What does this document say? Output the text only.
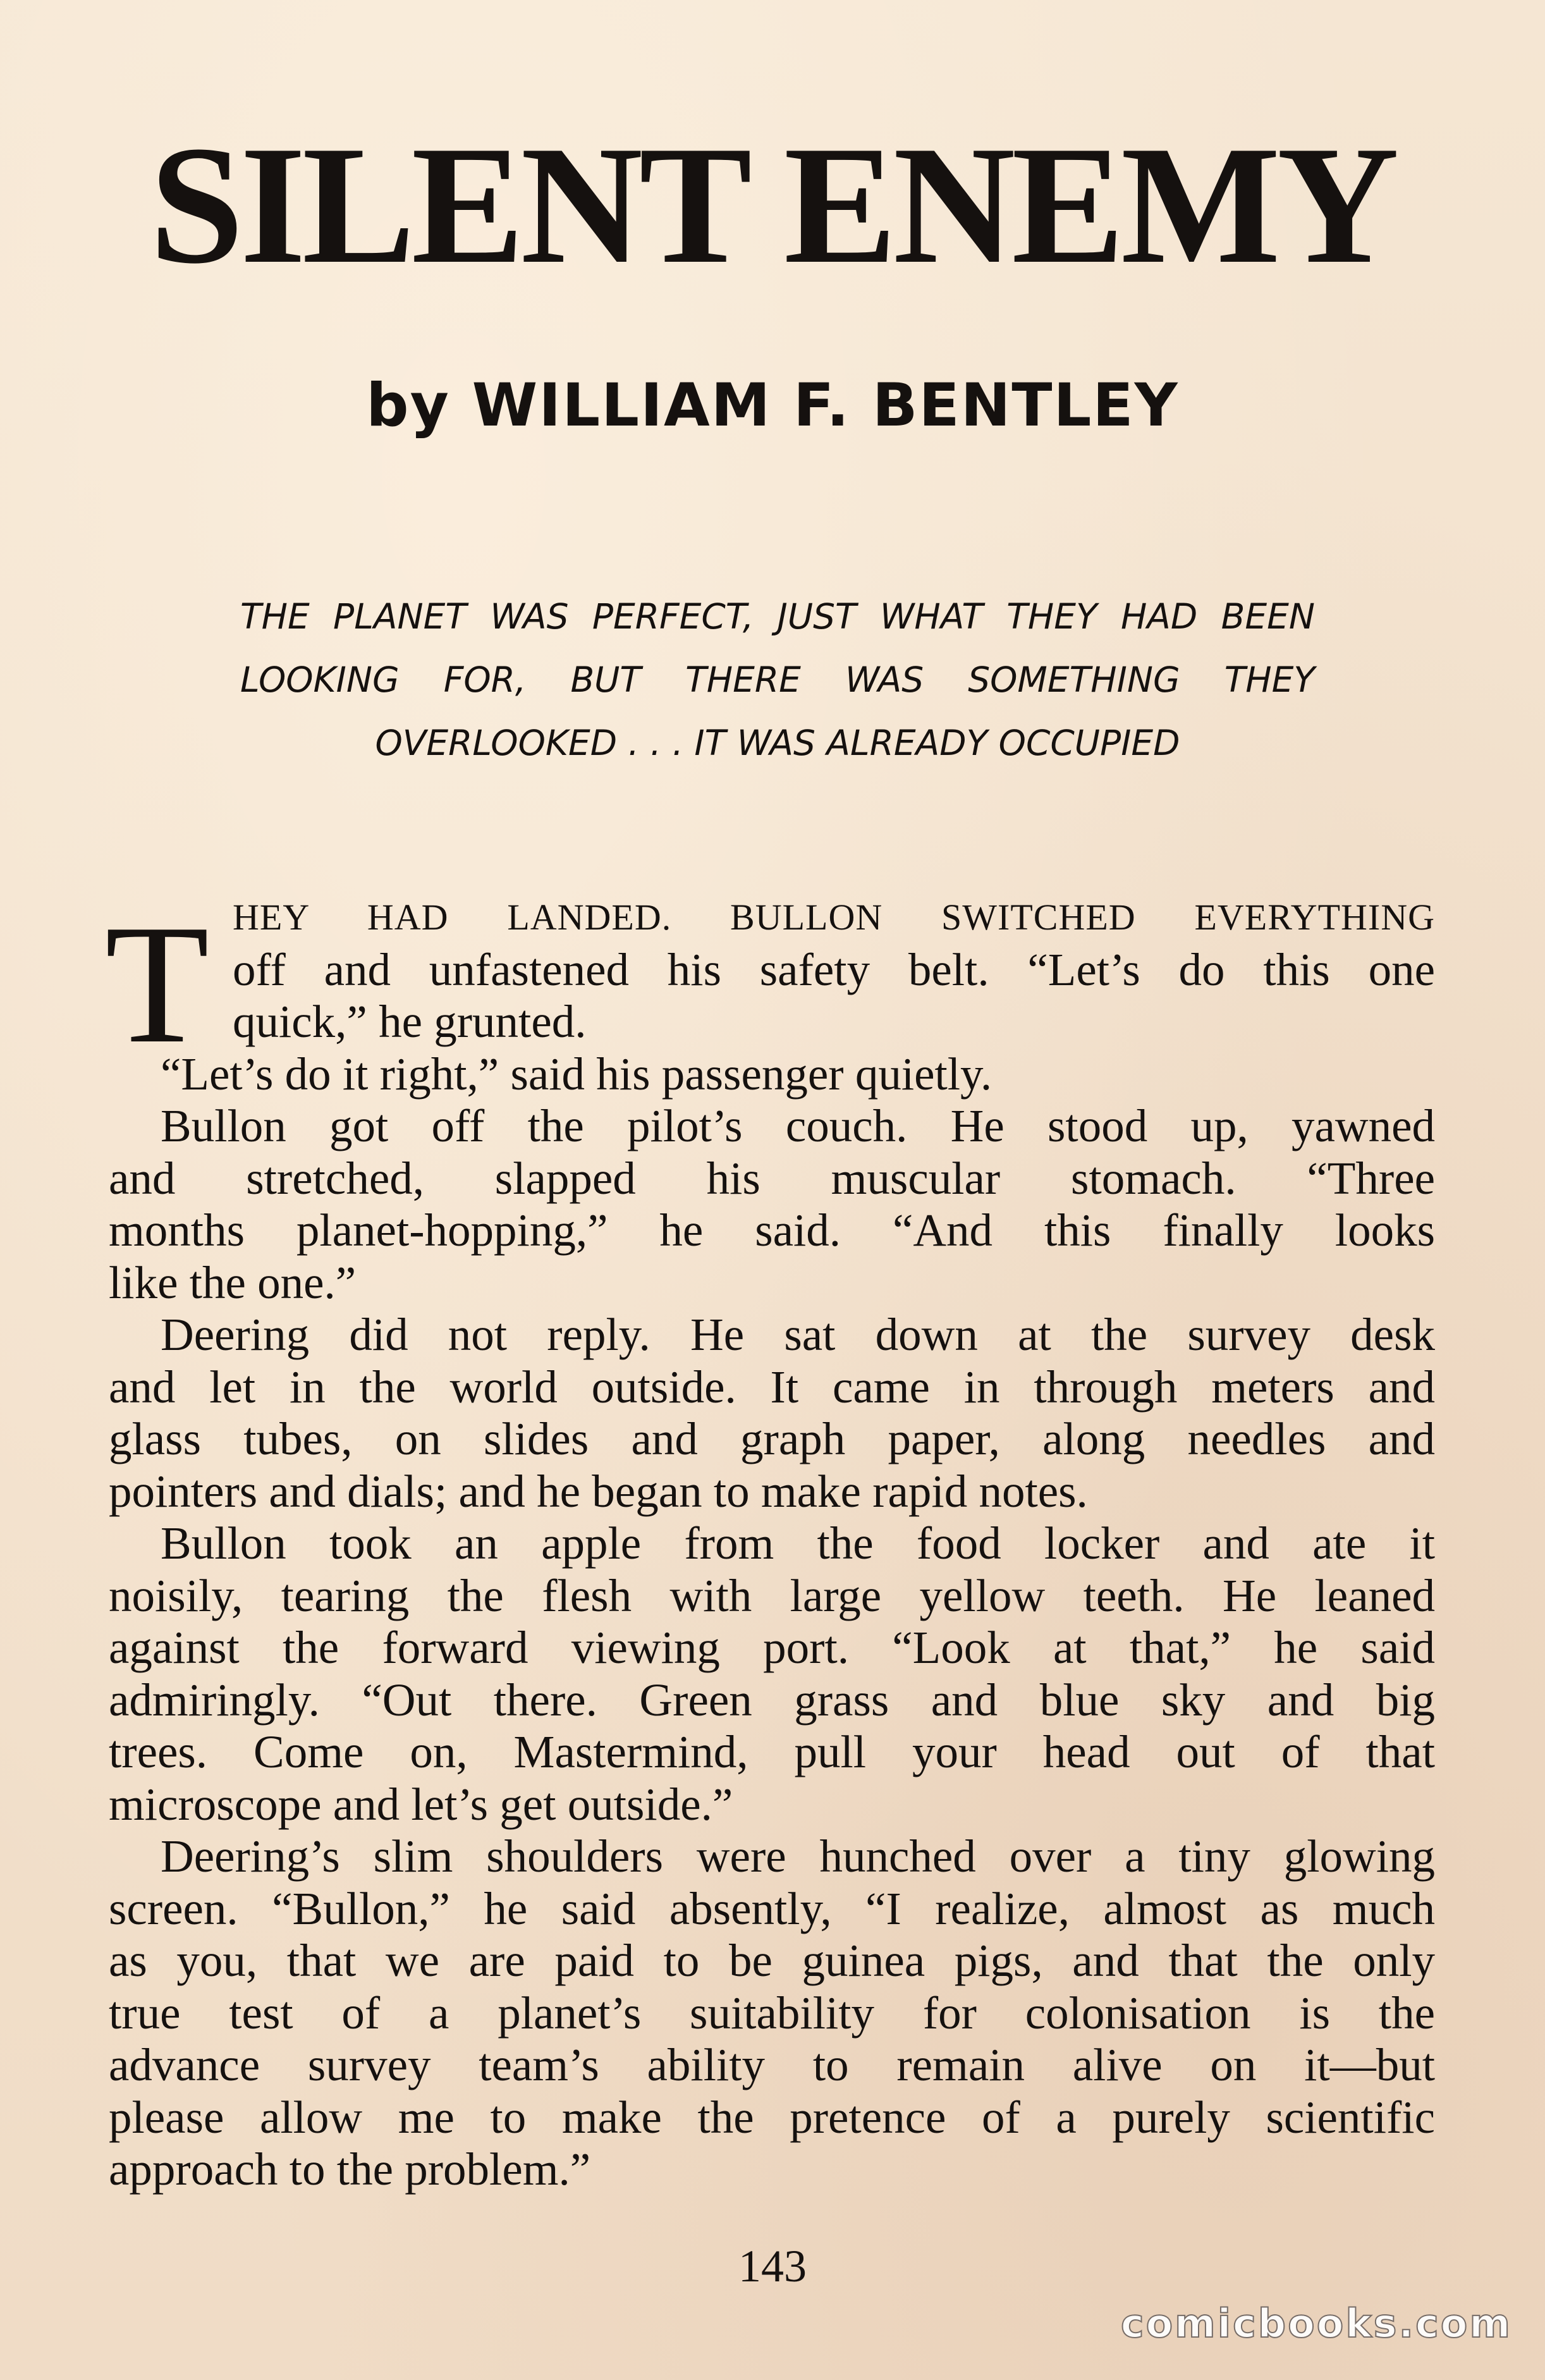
SILENT ENEMY
by WILLIAM F. BENTLEY
THE PLANET WAS PERFECT, JUST WHAT THEY HAD BEEN
LOOKING FOR, BUT THERE WAS SOMETHING THEY
OVERLOOKED . . . IT WAS ALREADY OCCUPIED
T HEY HAD LANDED. BULLON SWITCHED EVERYTHING
off and unfastened his safety belt. “Let’s do this one
quick,” he grunted.
“Let’s do it right,” said his passenger quietly.
Bullon got off the pilot’s couch. He stood up, yawned
and stretched, slapped his muscular stomach. “Three
months planet-hopping,” he said. “And this finally looks
like the one.”
Deering did not reply. He sat down at the survey desk
and let in the world outside. It came in through meters and
glass tubes, on slides and graph paper, along needles and
pointers and dials; and he began to make rapid notes.
Bullon took an apple from the food locker and ate it
noisily, tearing the flesh with large yellow teeth. He leaned
against the forward viewing port. “Look at that,” he said
admiringly. “Out there. Green grass and blue sky and big
trees. Come on, Mastermind, pull your head out of that
microscope and let’s get outside.”
Deering’s slim shoulders were hunched over a tiny glowing
screen. “Bullon,” he said absently, “I realize, almost as much
as you, that we are paid to be guinea pigs, and that the only
true test of a planet’s suitability for colonisation is the
advance survey team’s ability to remain alive on it—but
please allow me to make the pretence of a purely scientific
approach to the problem.”
143
comicbooks.com
